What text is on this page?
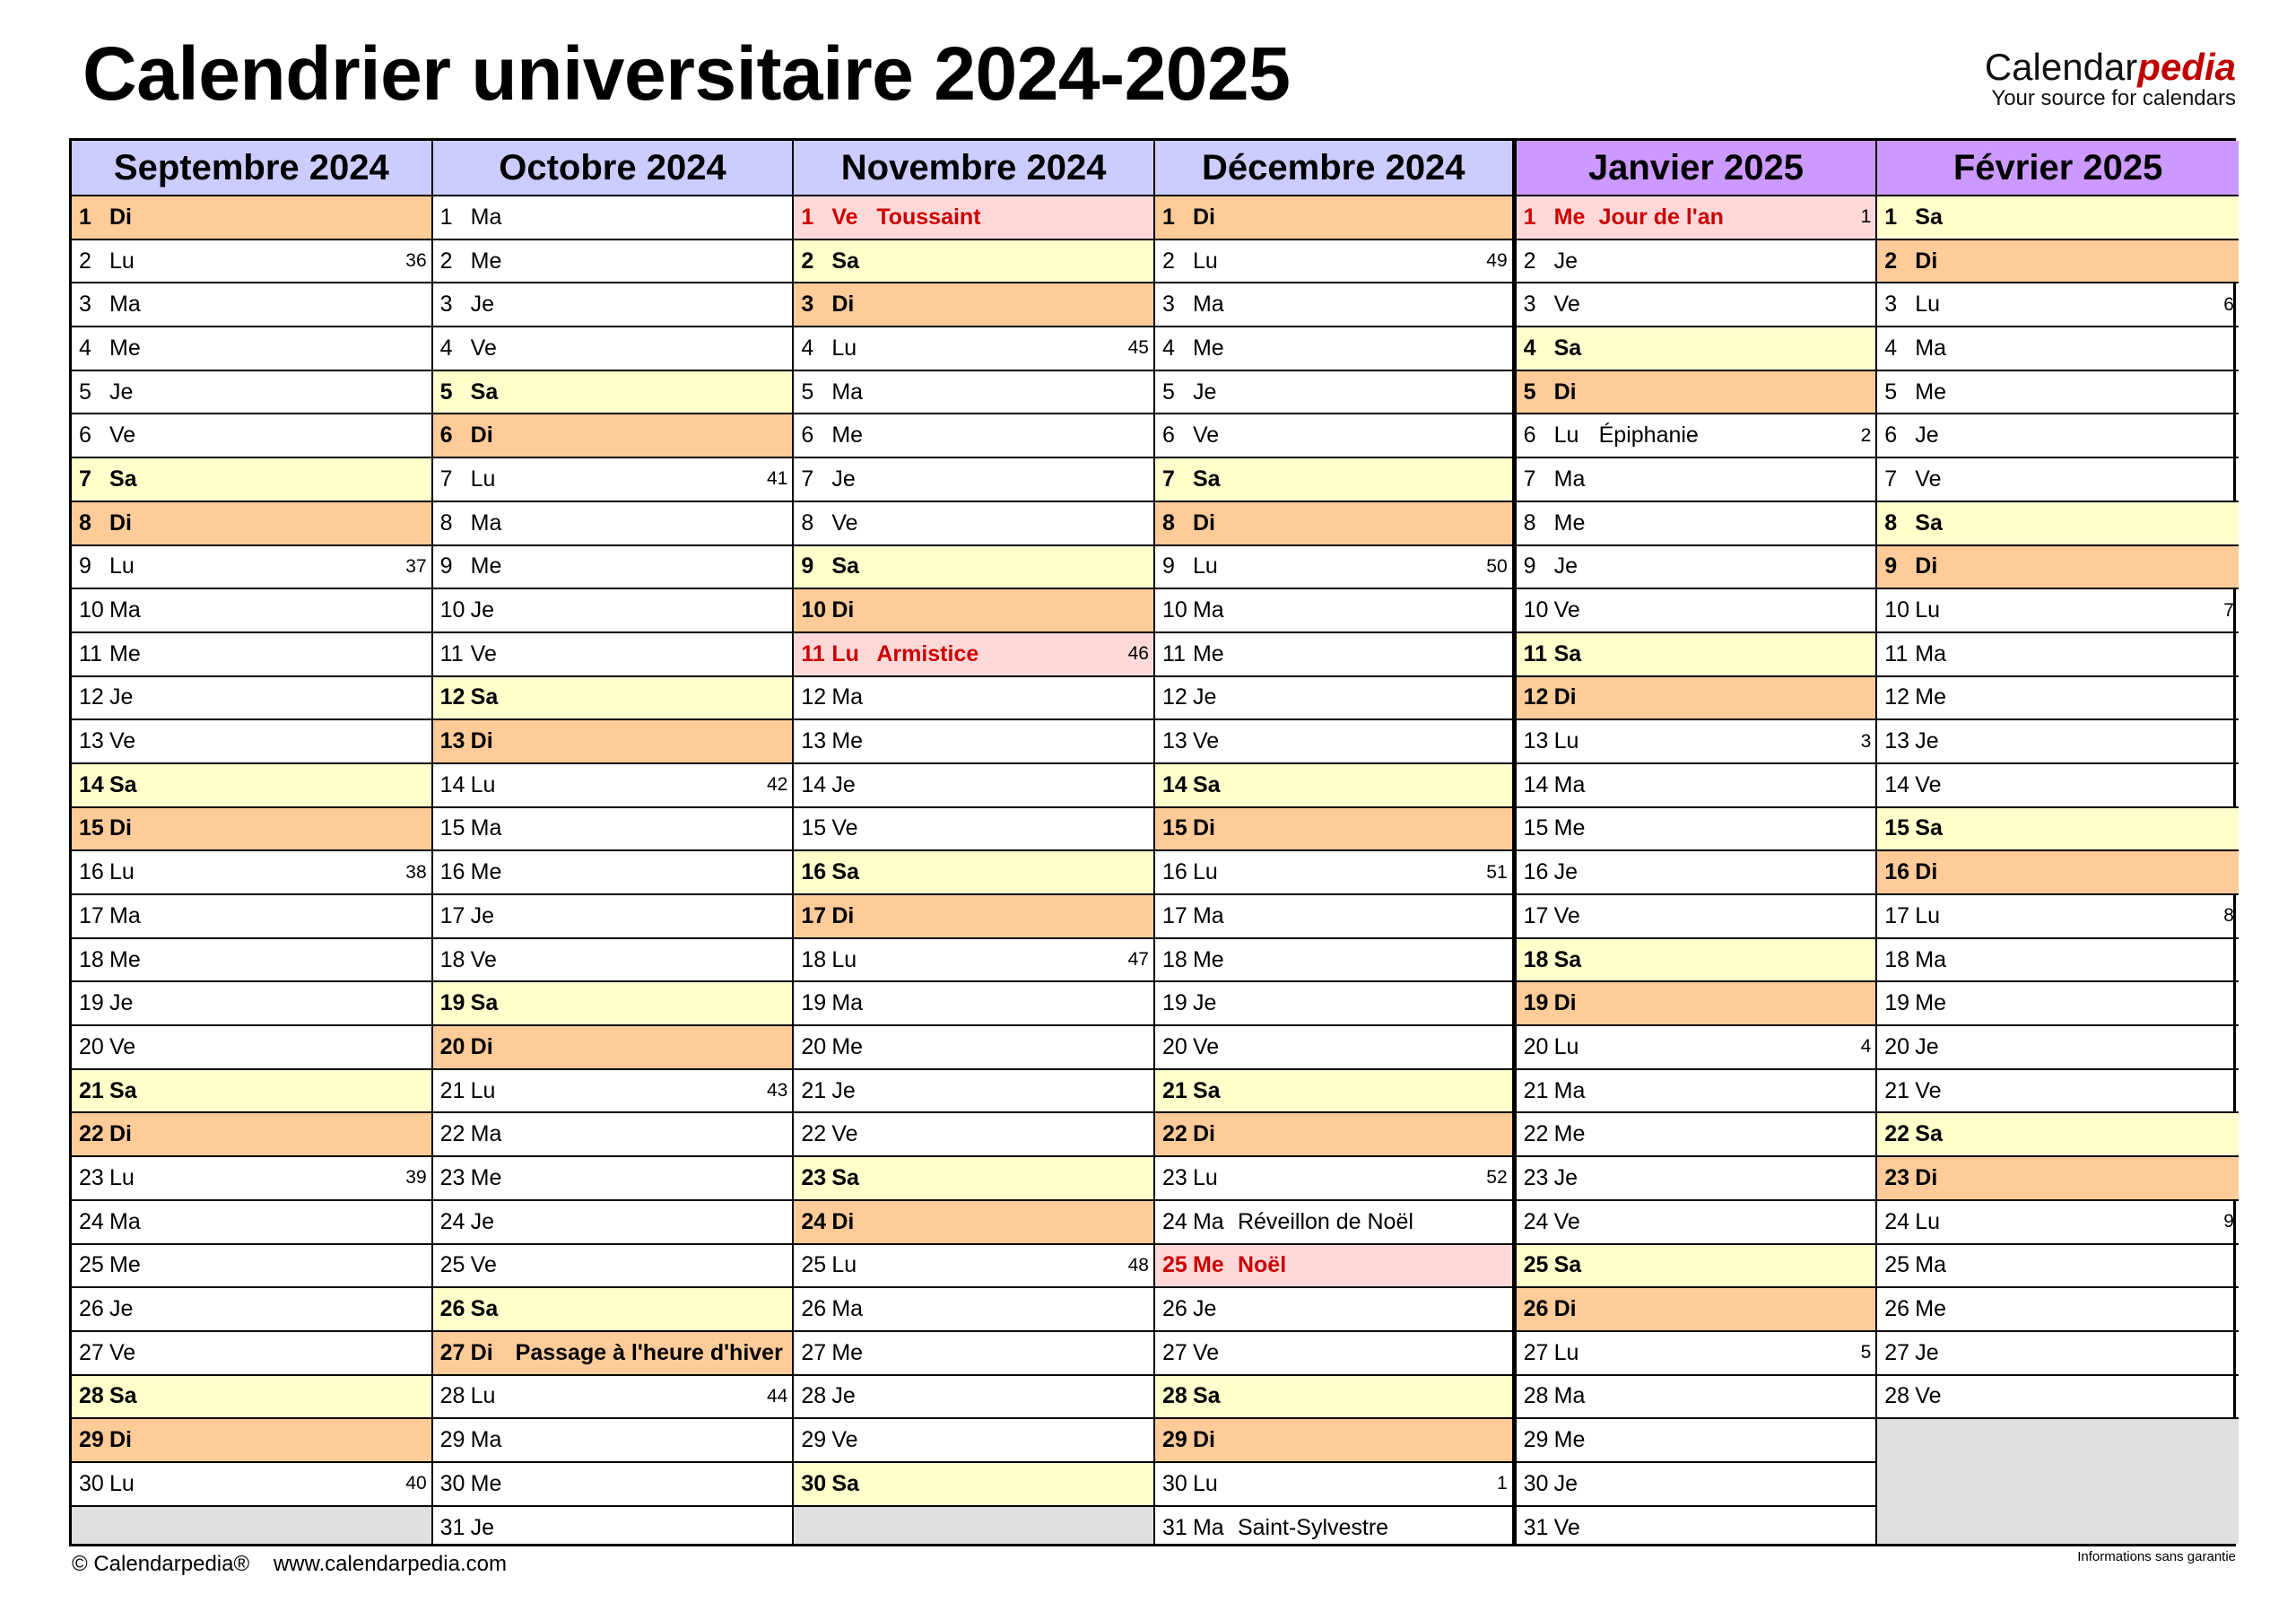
Calendrier universitaire 2024-2025	Calendarpedia
Your source for calendars
Septembre 2024
1 Di
2 Lu	36
3 Ma
4 Me
5 Je
6 Ve
7 Sa
8 Di
9 Lu	37
10 Ma
11 Me
12 Je
13 Ve
14 Sa
15 Di
16 Lu	38
17 Ma
18 Me
19 Je
20 Ve
21 Sa
22 Di
23 Lu	39
24 Ma
25 Me
26 Je
27 Ve
28 Sa
29 Di
30 Lu	40
Octobre 2024
1 Ma
2 Me
3 Je
4 Ve
5 Sa
6 Di
7 Lu	41
8 Ma
9 Me
10 Je
11 Ve
12 Sa
13 Di
14 Lu	42
15 Ma
16 Me
17 Je
18 Ve
19 Sa
20 Di
21 Lu	43
22 Ma
23 Me
24 Je
25 Ve
26 Sa
27 Di	Passage à l'heure d'hiver
28 Lu	44
29 Ma
30 Me
31 Je
Novembre 2024
1 Ve Toussaint
2 Sa
3 Di
4 Lu	45
5 Ma
6 Me
7 Je
8 Ve
9 Sa
10 Di
11 Lu Armistice	46
12 Ma
13 Me
14 Je
15 Ve
16 Sa
17 Di
18 Lu	47
19 Ma
20 Me
21 Je
22 Ve
23 Sa
24 Di
25 Lu	48
26 Ma
27 Me
28 Je
29 Ve
30 Sa
Décembre 2024
1 Di
2 Lu	49
3 Ma
4 Me
5 Je
6 Ve
7 Sa
8 Di
9 Lu	50
10 Ma
11 Me
12 Je
13 Ve
14 Sa
15 Di
16 Lu	51
17 Ma
18 Me
19 Je
20 Ve
21 Sa
22 Di
23 Lu	52
24 Ma Réveillon de Noël
25 Me Noël
26 Je
27 Ve
28 Sa
29 Di
30 Lu	1
31 Ma Saint-Sylvestre
Janvier 2025
1 Me Jour de l'an	1
2 Je
3 Ve
4 Sa
5 Di
6 Lu Épiphanie	2
7 Ma
8 Me
9 Je
10 Ve
11 Sa
12 Di
13 Lu	3
14 Ma
15 Me
16 Je
17 Ve
18 Sa
19 Di
20 Lu	4
21 Ma
22 Me
23 Je
24 Ve
25 Sa
26 Di
27 Lu	5
28 Ma
29 Me
30 Je
31 Ve
Février 2025
1 Sa
2 Di
3 Lu	6
4 Ma
5 Me
6 Je
7 Ve
8 Sa
9 Di
10 Lu	7
11 Ma
12 Me
13 Je
14 Ve
15 Sa
16 Di
17 Lu	8
18 Ma
19 Me
20 Je
21 Ve
22 Sa
23 Di
24 Lu	9
25 Ma
26 Me
27 Je
28 Ve
© Calendarpedia® www.calendarpedia.com	Informations sans garantie
